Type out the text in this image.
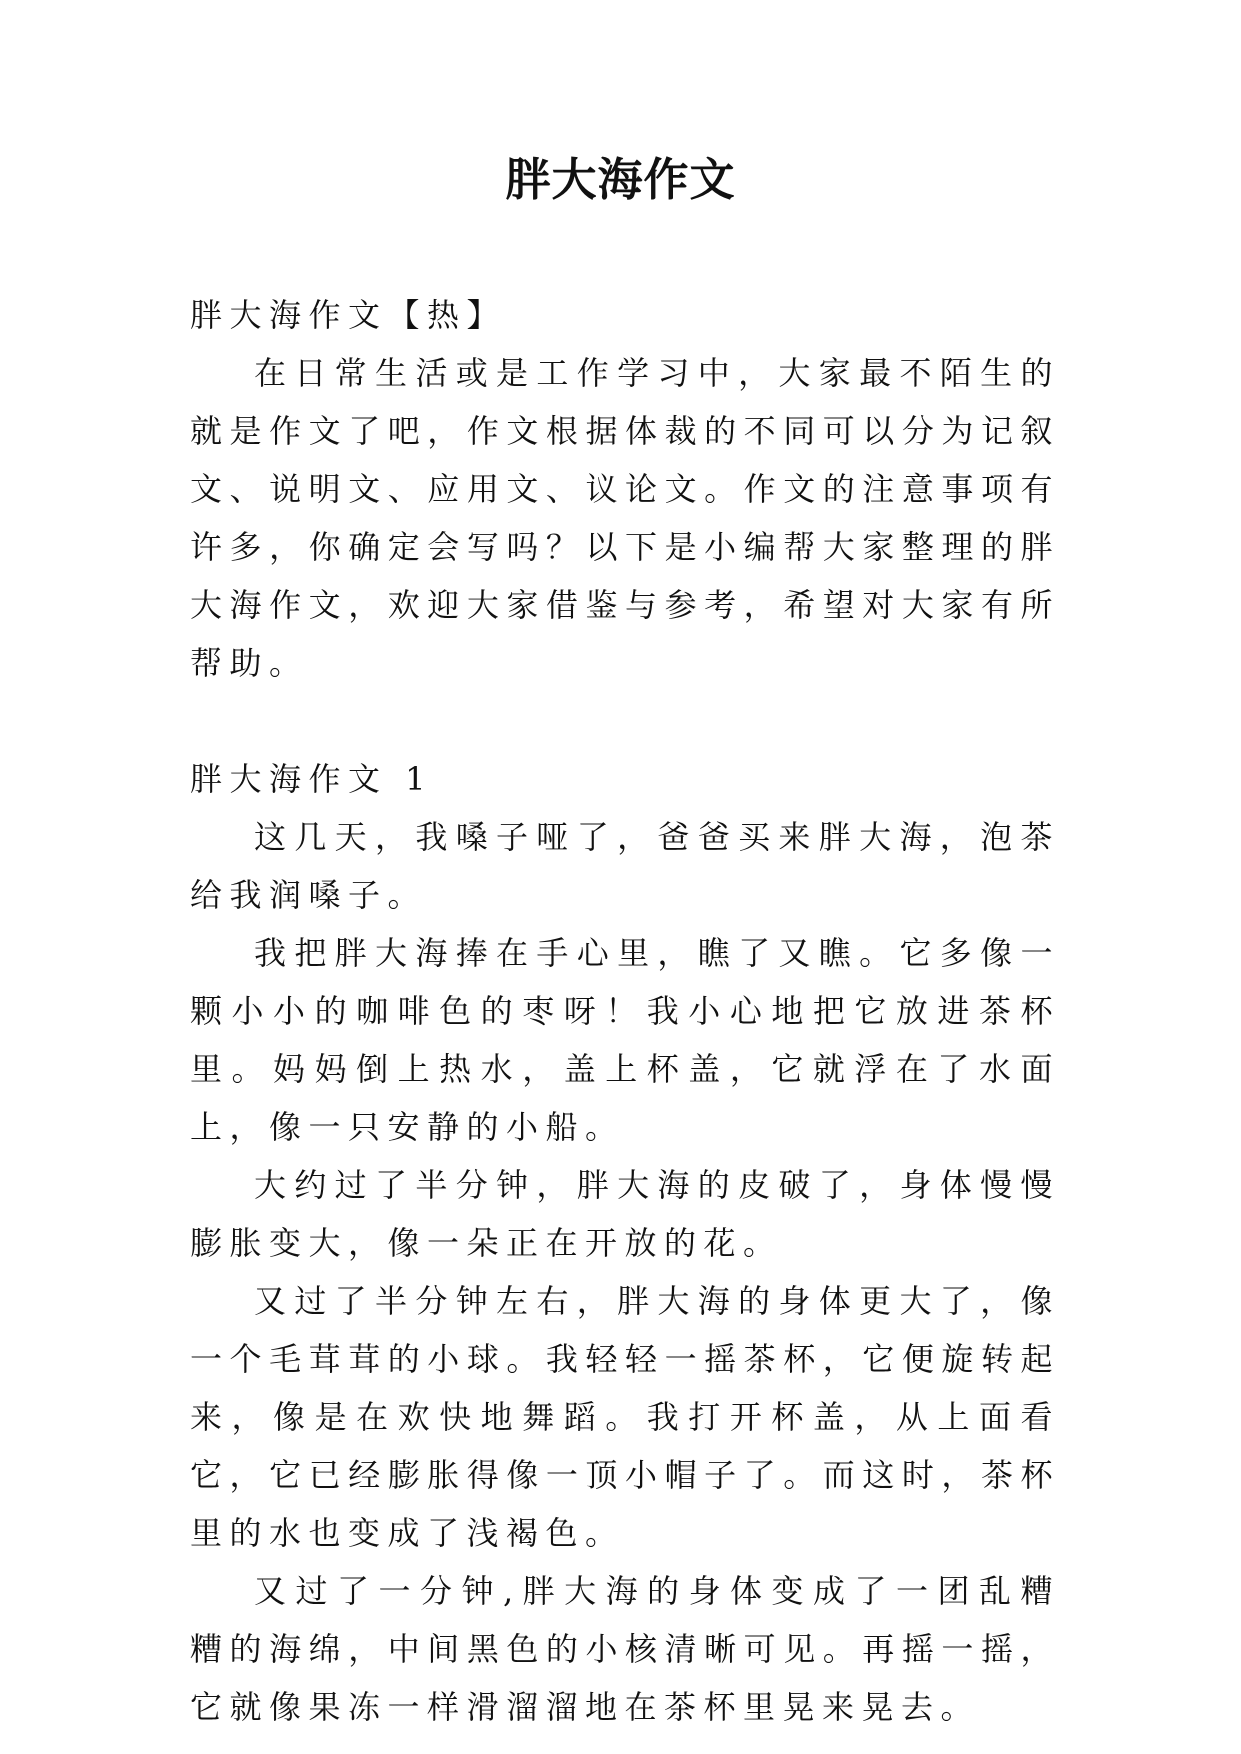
胖大海作文

胖大海作文【热】

在日常生活或是工作学习中，大家最不陌生的就是作文了吧，作文根据体裁的不同可以分为记叙文、说明文、应用文、议论文。作文的注意事项有许多，你确定会写吗？以下是小编帮大家整理的胖大海作文，欢迎大家借鉴与参考，希望对大家有所帮助。

胖大海作文 1

这几天，我嗓子哑了，爸爸买来胖大海，泡茶给我润嗓子。

我把胖大海捧在手心里，瞧了又瞧。它多像一颗小小的咖啡色的枣呀！我小心地把它放进茶杯里。妈妈倒上热水，盖上杯盖，它就浮在了水面上，像一只安静的小船。

大约过了半分钟，胖大海的皮破了，身体慢慢膨胀变大，像一朵正在开放的花。

又过了半分钟左右，胖大海的身体更大了，像一个毛茸茸的小球。我轻轻一摇茶杯，它便旋转起来，像是在欢快地舞蹈。我打开杯盖，从上面看它，它已经膨胀得像一顶小帽子了。而这时，茶杯里的水也变成了浅褐色。

又过了一分钟,胖大海的身体变成了一团乱糟糟的海绵，中间黑色的小核清晰可见。再摇一摇，它就像果冻一样滑溜溜地在茶杯里晃来晃去。
